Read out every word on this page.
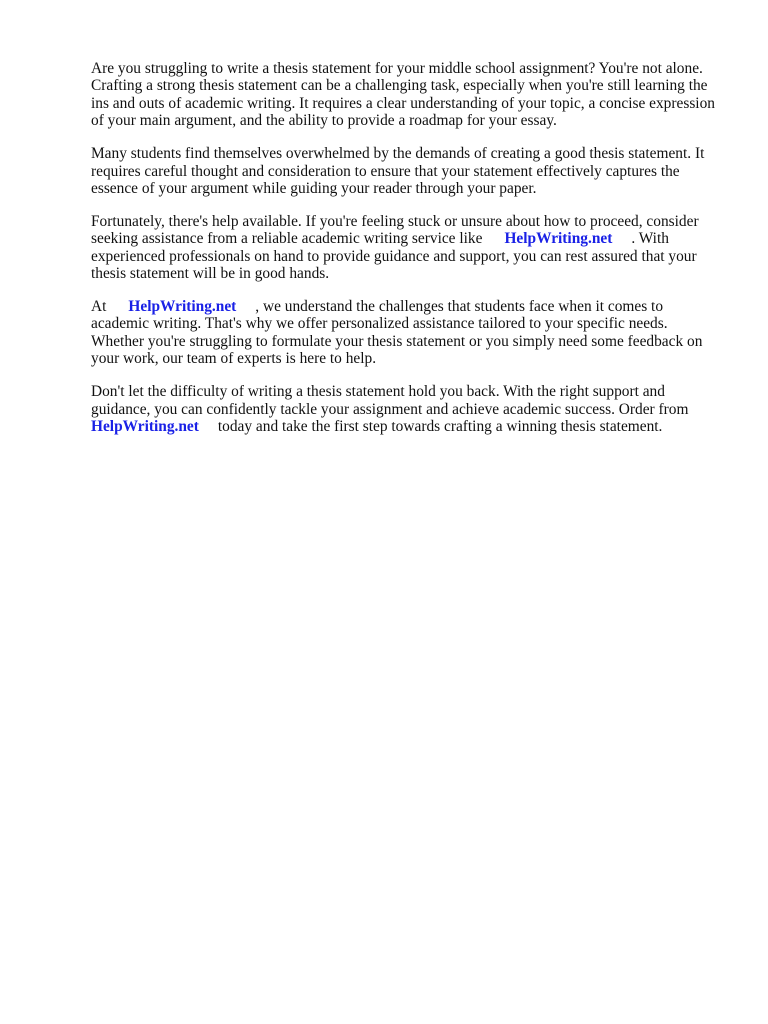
Are you struggling to write a thesis statement for your middle school assignment? You're not alone. Crafting a strong thesis statement can be a challenging task, especially when you're still learning the ins and outs of academic writing. It requires a clear understanding of your topic, a concise expression of your main argument, and the ability to provide a roadmap for your essay.

Many students find themselves overwhelmed by the demands of creating a good thesis statement. It requires careful thought and consideration to ensure that your statement effectively captures the essence of your argument while guiding your reader through your paper.

Fortunately, there's help available. If you're feeling stuck or unsure about how to proceed, consider seeking assistance from a reliable academic writing service like HelpWriting.net . With experienced professionals on hand to provide guidance and support, you can rest assured that your thesis statement will be in good hands.

At HelpWriting.net , we understand the challenges that students face when it comes to academic writing. That's why we offer personalized assistance tailored to your specific needs. Whether you're struggling to formulate your thesis statement or you simply need some feedback on your work, our team of experts is here to help.

Don't let the difficulty of writing a thesis statement hold you back. With the right support and guidance, you can confidently tackle your assignment and achieve academic success. Order from HelpWriting.net today and take the first step towards crafting a winning thesis statement.
